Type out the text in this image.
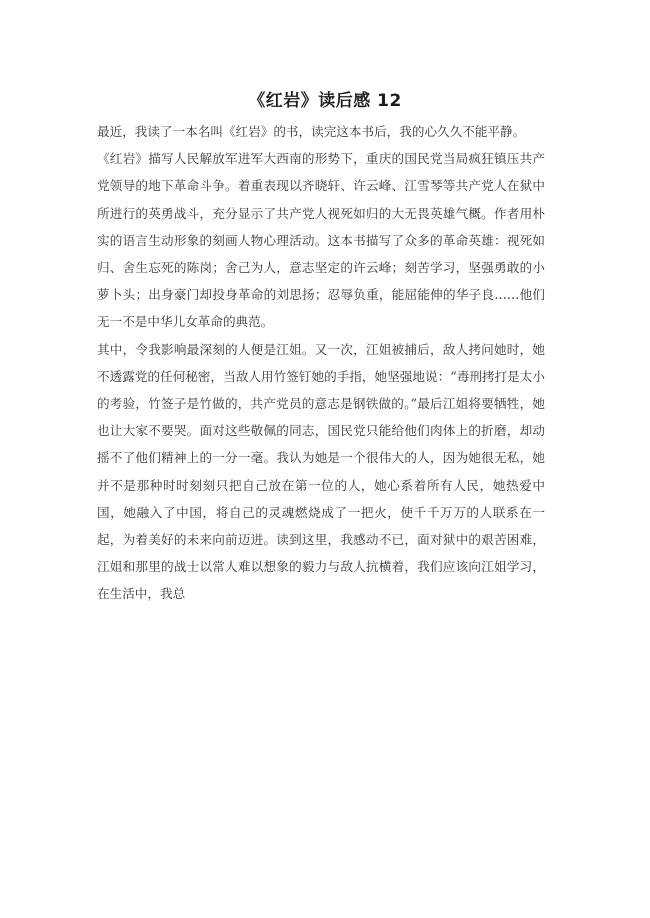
《红岩》读后感 12

最近，我读了一本名叫《红岩》的书，读完这本书后，我的心久久不能平静。

《红岩》描写人民解放军进军大西南的形势下，重庆的国民党当局疯狂镇压共产党领导的地下革命斗争。着重表现以齐晓轩、许云峰、江雪琴等共产党人在狱中所进行的英勇战斗，充分显示了共产党人视死如归的大无畏英雄气概。作者用朴实的语言生动形象的刻画人物心理活动。这本书描写了众多的革命英雄：视死如归、舍生忘死的陈岗；舍己为人，意志坚定的许云峰；刻苦学习，坚强勇敢的小萝卜头；出身豪门却投身革命的刘思扬；忍辱负重，能屈能伸的华子良……他们无一不是中华儿女革命的典范。

其中，令我影响最深刻的人便是江姐。又一次，江姐被捕后，敌人拷问她时，她不透露党的任何秘密，当敌人用竹签钉她的手指，她坚强地说：“毒刑拷打是太小的考验，竹签子是竹做的，共产党员的意志是钢铁做的。”最后江姐将要牺牲，她也让大家不要哭。面对这些敬佩的同志，国民党只能给他们肉体上的折磨，却动摇不了他们精神上的一分一毫。我认为她是一个很伟大的人，因为她很无私，她并不是那种时时刻刻只把自己放在第一位的人，她心系着所有人民，她热爱中国，她融入了中国，将自己的灵魂燃烧成了一把火，使千千万万的人联系在一起，为着美好的未来向前迈进。读到这里，我感动不已，面对狱中的艰苦困难，江姐和那里的战士以常人难以想象的毅力与敌人抗横着，我们应该向江姐学习，在生活中，我总
